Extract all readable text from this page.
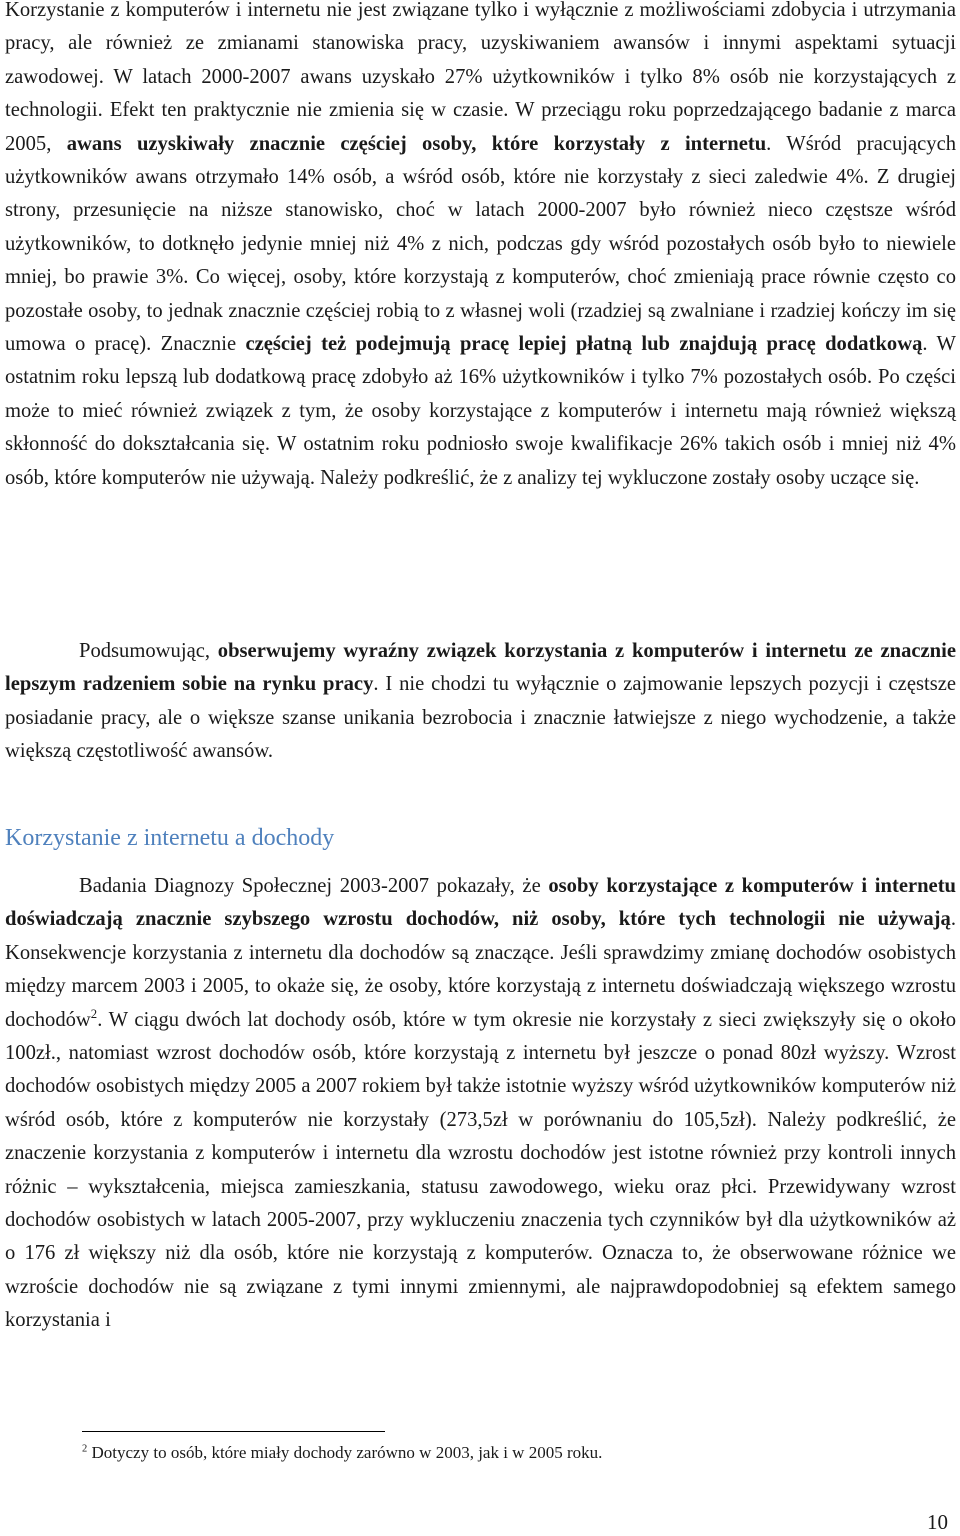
Korzystanie z komputerów i internetu nie jest związane tylko i wyłącznie z możliwościami zdobycia i utrzymania pracy, ale również ze zmianami stanowiska pracy, uzyskiwaniem awansów i innymi aspektami sytuacji zawodowej. W latach 2000-2007 awans uzyskało 27% użytkowników i tylko 8% osób nie korzystających z technologii. Efekt ten praktycznie nie zmienia się w czasie. W przeciągu roku poprzedzającego badanie z marca 2005, awans uzyskiwały znacznie częściej osoby, które korzystały z internetu. Wśród pracujących użytkowników awans otrzymało 14% osób, a wśród osób, które nie korzystały z sieci zaledwie 4%. Z drugiej strony, przesunięcie na niższe stanowisko, choć w latach 2000-2007 było również nieco częstsze wśród użytkowników, to dotknęło jedynie mniej niż 4% z nich, podczas gdy wśród pozostałych osób było to niewiele mniej, bo prawie 3%. Co więcej, osoby, które korzystają z komputerów, choć zmieniają prace równie często co pozostałe osoby, to jednak znacznie częściej robią to z własnej woli (rzadziej są zwalniane i rzadziej kończy im się umowa o pracę). Znacznie częściej też podejmują pracę lepiej płatną lub znajdują pracę dodatkową. W ostatnim roku lepszą lub dodatkową pracę zdobyło aż 16% użytkowników i tylko 7% pozostałych osób. Po części może to mieć również związek z tym, że osoby korzystające z komputerów i internetu mają również większą skłonność do dokształcania się. W ostatnim roku podniosło swoje kwalifikacje 26% takich osób i mniej niż 4% osób, które komputerów nie używają. Należy podkreślić, że z analizy tej wykluczone zostały osoby uczące się.

Podsumowując, obserwujemy wyraźny związek korzystania z komputerów i internetu ze znacznie lepszym radzeniem sobie na rynku pracy. I nie chodzi tu wyłącznie o zajmowanie lepszych pozycji i częstsze posiadanie pracy, ale o większe szanse unikania bezrobocia i znacznie łatwiejsze z niego wychodzenie, a także większą częstotliwość awansów.

Korzystanie z internetu a dochody

Badania Diagnozy Społecznej 2003-2007 pokazały, że osoby korzystające z komputerów i internetu doświadczają znacznie szybszego wzrostu dochodów, niż osoby, które tych technologii nie używają. Konsekwencje korzystania z internetu dla dochodów są znaczące. Jeśli sprawdzimy zmianę dochodów osobistych między marcem 2003 i 2005, to okaże się, że osoby, które korzystają z internetu doświadczają większego wzrostu dochodów$^2$. W ciągu dwóch lat dochody osób, które w tym okresie nie korzystały z sieci zwiększyły się o około 100zł., natomiast wzrost dochodów osób, które korzystają z internetu był jeszcze o ponad 80zł wyższy. Wzrost dochodów osobistych między 2005 a 2007 rokiem był także istotnie wyższy wśród użytkowników komputerów niż wśród osób, które z komputerów nie korzystały (273,5zł w porównaniu do 105,5zł). Należy podkreślić, że znaczenie korzystania z komputerów i internetu dla wzrostu dochodów jest istotne również przy kontroli innych różnic – wykształcenia, miejsca zamieszkania, statusu zawodowego, wieku oraz płci. Przewidywany wzrost dochodów osobistych w latach 2005-2007, przy wykluczeniu znaczenia tych czynników był dla użytkowników aż o 176 zł większy niż dla osób, które nie korzystają z komputerów. Oznacza to, że obserwowane różnice we wzroście dochodów nie są związane z tymi innymi zmiennymi, ale najprawdopodobniej są efektem samego korzystania i

$^2$ Dotyczy to osób, które miały dochody zarówno w 2003, jak i w 2005 roku.

10
